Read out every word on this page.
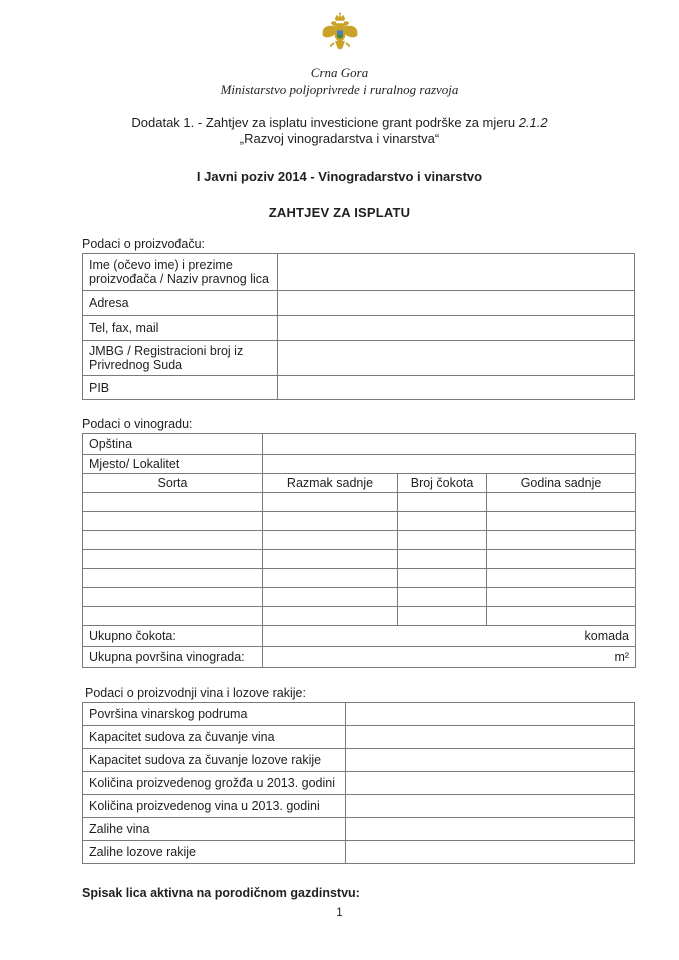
Crna Gora
Ministarstvo poljoprivrede i ruralnog razvoja
Dodatak 1. - Zahtjev za isplatu investicione grant podrške za mjeru 2.1.2
„Razvoj vinogradarstva i vinarstva“
I Javni poziv 2014 - Vinogradarstvo i vinarstvo
ZAHTJEV ZA ISPLATU
Podaci o proizvođaču:
Ime (očevo ime) i prezime proizvođača / Naziv pravnog lica	
Adresa	
Tel, fax, mail	
JMBG / Registracioni broj iz Privrednog Suda	

PIB	
Podaci o vinogradu:
Opština			
Mjesto/ Lokalitet			
Sorta	Razmak sadnje	Broj čokota	Godina sadnje

Ukupno čokota:	komada		
Ukupna površina vinograda:	m²		
Podaci o proizvodnji vina i lozove rakije:
Površina vinarskog podruma	
Kapacitet sudova za čuvanje vina	
Kapacitet sudova za čuvanje lozove rakije	
Količina proizvedenog grožđa u 2013. godini	
Količina proizvedenog vina u 2013. godini	
Zalihe vina	
Zalihe lozove rakije	
Spisak lica aktivna na porodičnom gazdinstvu:
1
